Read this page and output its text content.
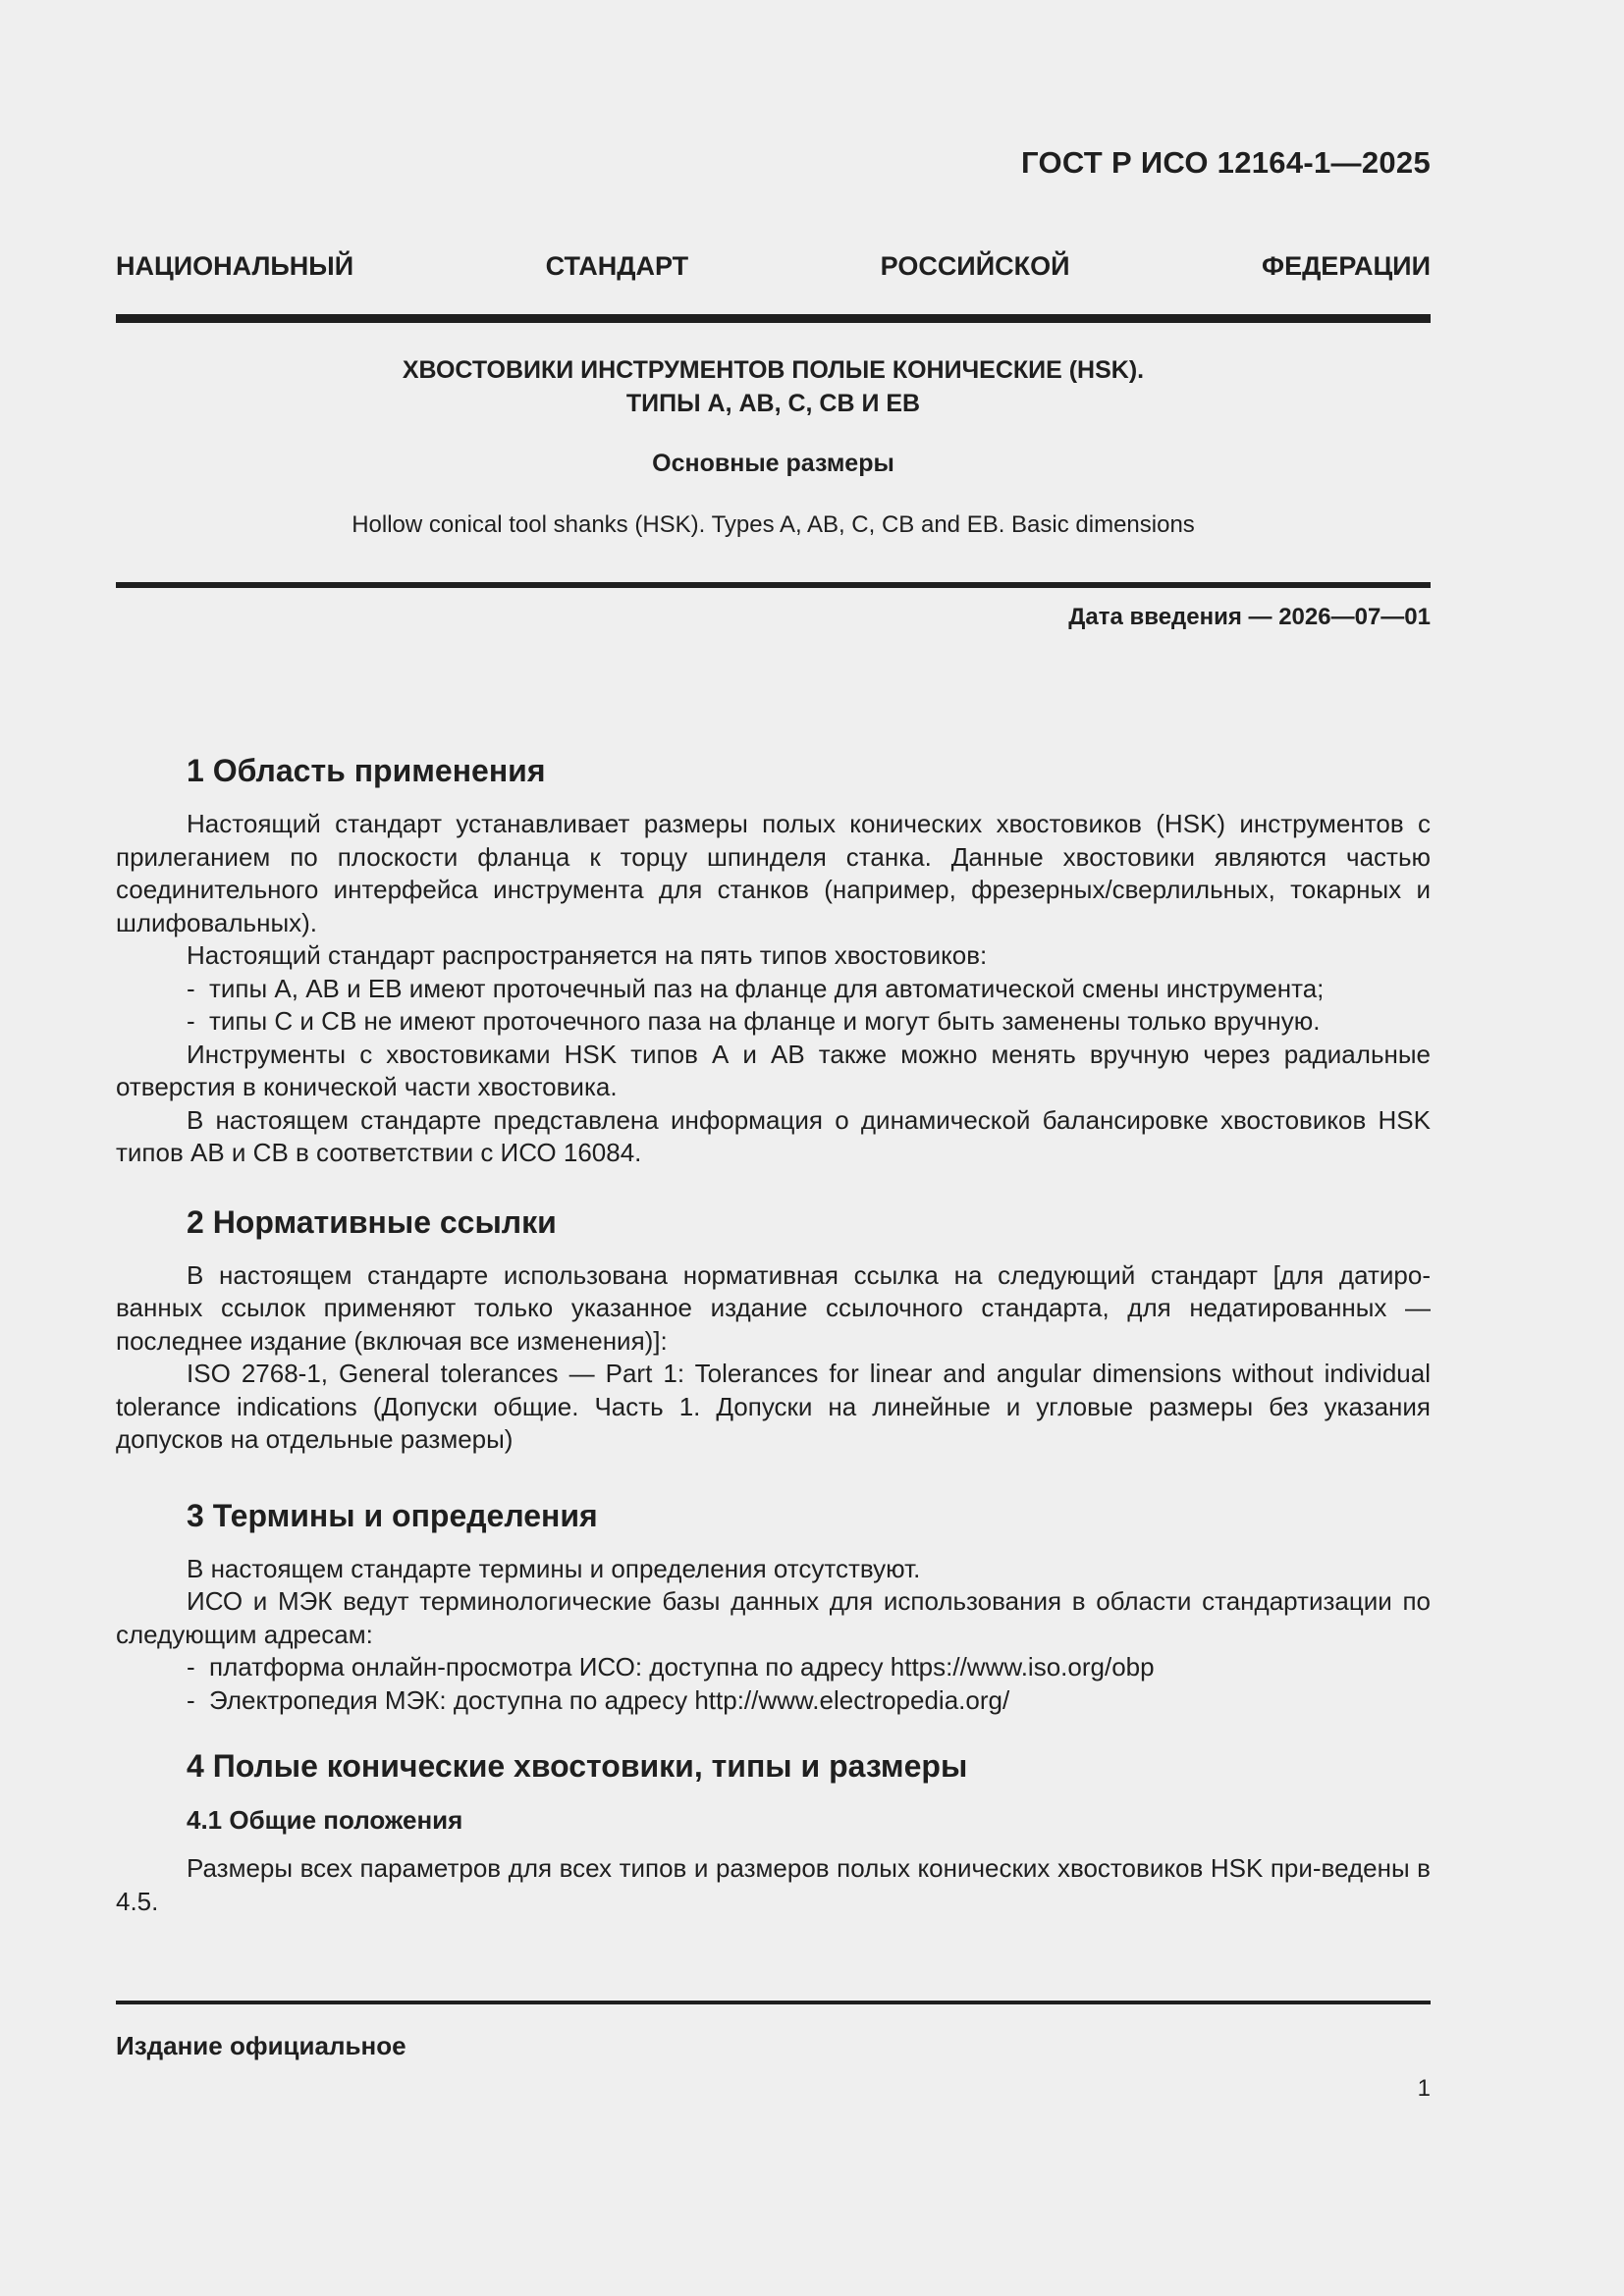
ГОСТ Р ИСО 12164-1—2025
НАЦИОНАЛЬНЫЙ СТАНДАРТ РОССИЙСКОЙ ФЕДЕРАЦИИ
ХВОСТОВИКИ ИНСТРУМЕНТОВ ПОЛЫЕ КОНИЧЕСКИЕ (HSK).
ТИПЫ А, АВ, С, СВ И ЕВ
Основные размеры
Hollow conical tool shanks (HSK). Types A, AB, C, CB and EB. Basic dimensions
Дата введения — 2026—07—01
1 Область применения

Настоящий стандарт устанавливает размеры полых конических хвостовиков (HSK) инструментов с прилеганием по плоскости фланца к торцу шпинделя станка. Данные хвостовики являются частью соединительного интерфейса инструмента для станков (например, фрезерных/сверлильных, токарных и шлифовальных).

Настоящий стандарт распространяется на пять типов хвостовиков:

- типы А, АВ и ЕВ имеют проточечный паз на фланце для автоматической смены инструмента;
- типы С и СВ не имеют проточечного паза на фланце и могут быть заменены только вручную.

Инструменты с хвостовиками HSK типов А и АВ также можно менять вручную через радиальные отверстия в конической части хвостовика.

В настоящем стандарте представлена информация о динамической балансировке хвостовиков HSK типов АВ и СВ в соответствии с ИСО 16084.

2 Нормативные ссылки

В настоящем стандарте использована нормативная ссылка на следующий стандарт [для датиро-ванных ссылок применяют только указанное издание ссылочного стандарта, для недатированных — последнее издание (включая все изменения)]:

ISO 2768-1, General tolerances — Part 1: Tolerances for linear and angular dimensions without individual tolerance indications (Допуски общие. Часть 1. Допуски на линейные и угловые размеры без указания допусков на отдельные размеры)

3 Термины и определения

В настоящем стандарте термины и определения отсутствуют.

ИСО и МЭК ведут терминологические базы данных для использования в области стандартизации по следующим адресам:

- платформа онлайн-просмотра ИСО: доступна по адресу https://www.iso.org/obp
- Электропедия МЭК: доступна по адресу http://www.electropedia.org/
4 Полые конические хвостовики, типы и размеры
4.1 Общие положения

Размеры всех параметров для всех типов и размеров полых конических хвостовиков HSK при-ведены в 4.5.

Издание официальное
1
